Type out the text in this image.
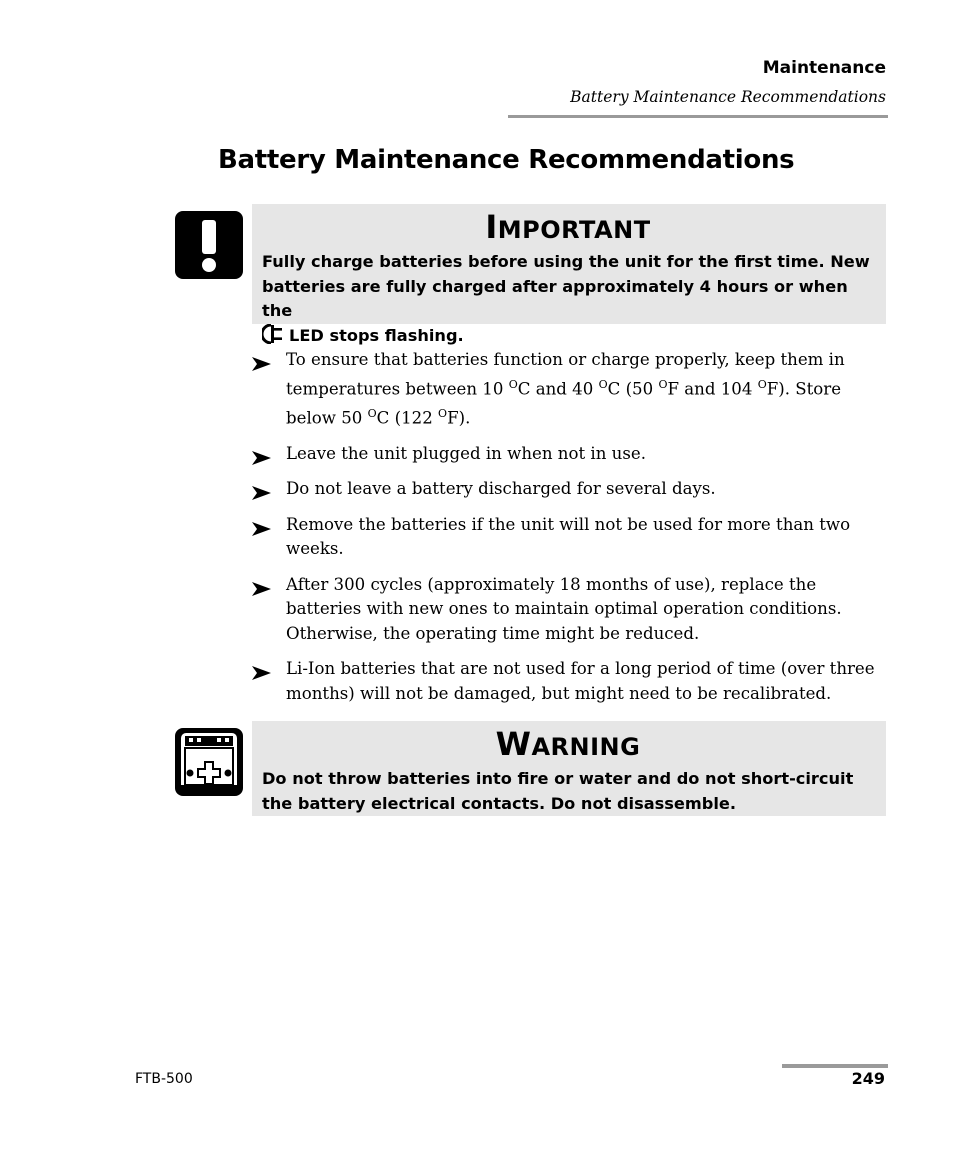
Maintenance
Battery Maintenance Recommendations
Battery Maintenance Recommendations
IMPORTANT
Fully charge batteries before using the unit for the first time. New batteries are fully charged after approximately 4 hours or when the
LED stops flashing.
To ensure that batteries function or charge properly, keep them in temperatures between 10 $^O$C and 40 $^O$C (50 $^O$F and 104 $^O$F). Store below 50 $^O$C (122 $^O$F).
Leave the unit plugged in when not in use.
Do not leave a battery discharged for several days.
Remove the batteries if the unit will not be used for more than two weeks.
After 300 cycles (approximately 18 months of use), replace the batteries with new ones to maintain optimal operation conditions. Otherwise, the operating time might be reduced.
Li-Ion batteries that are not used for a long period of time (over three months) will not be damaged, but might need to be recalibrated.
WARNING
Do not throw batteries into fire or water and do not short-circuit the battery electrical contacts. Do not disassemble.
FTB-500	249
